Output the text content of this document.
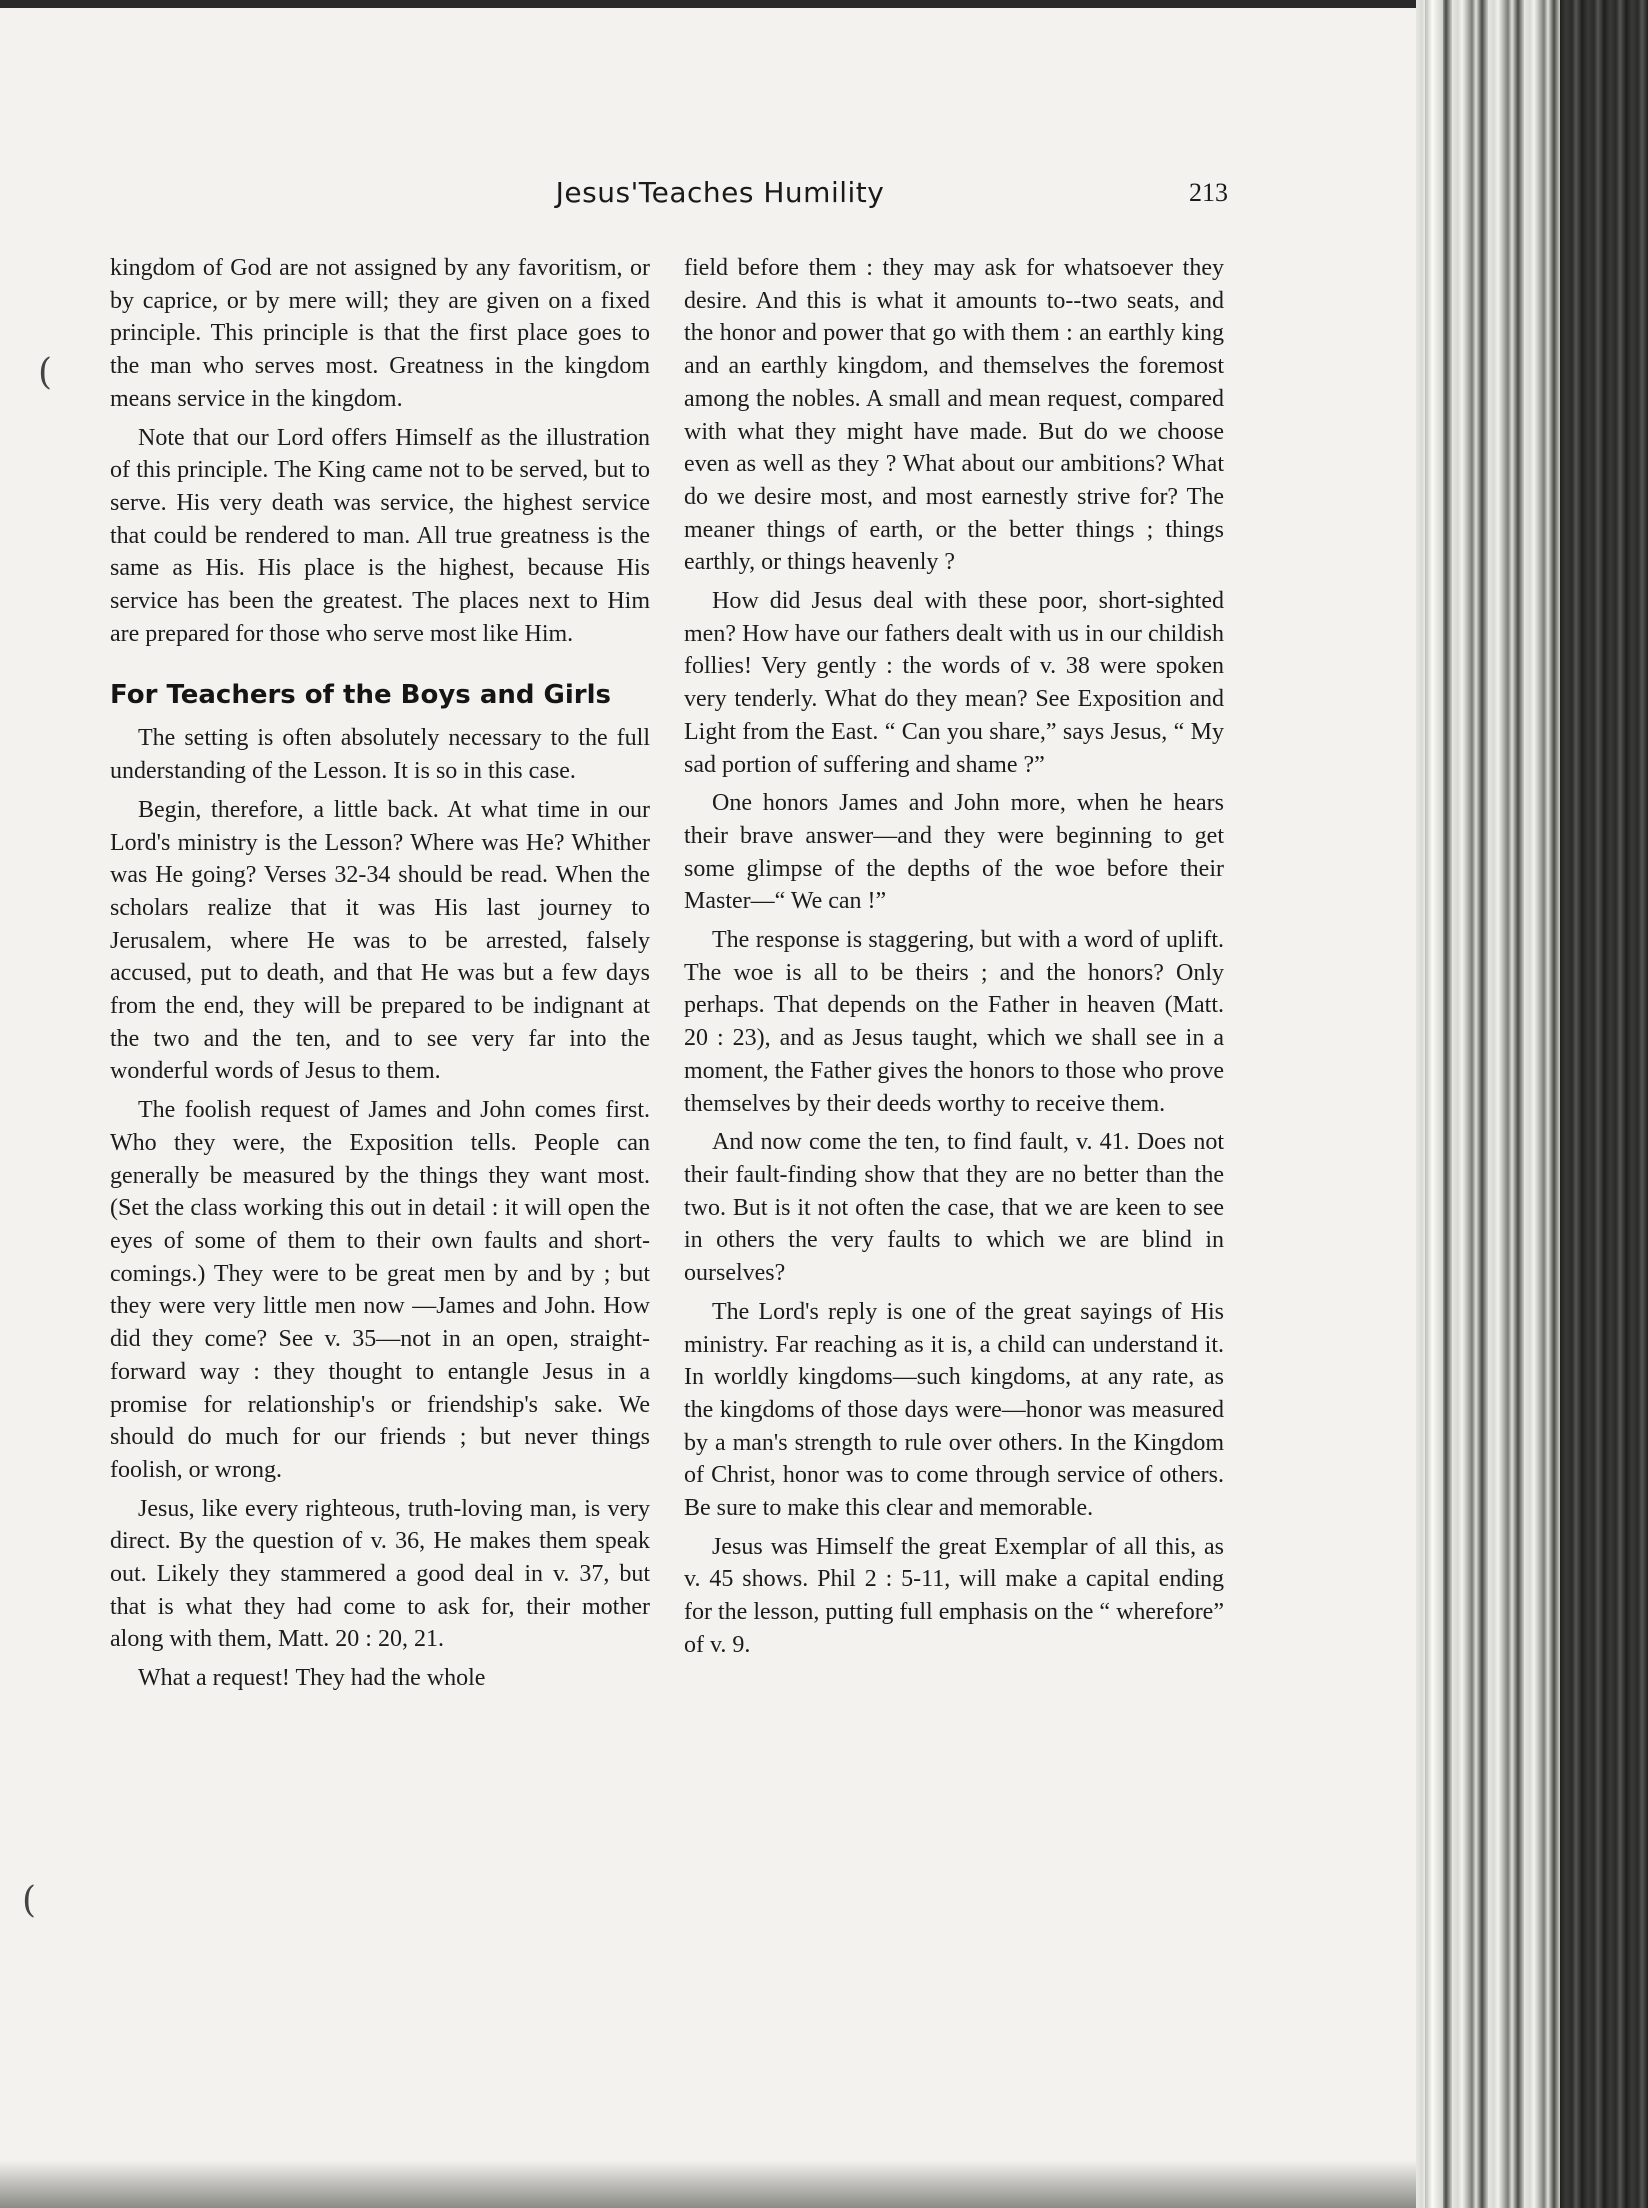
(
(
Jesus'Teaches Humility	213

kingdom of God are not assigned by any favoritism, or by caprice, or by mere will; they are given on a fixed principle. This principle is that the first place goes to the man who serves most. Greatness in the kingdom means service in the kingdom.

Note that our Lord offers Himself as the illustration of this principle. The King came not to be served, but to serve. His very death was service, the highest service that could be rendered to man. All true greatness is the same as His. His place is the highest, because His service has been the greatest. The places next to Him are prepared for those who serve most like Him.

For Teachers of the Boys and Girls

The setting is often absolutely necessary to the full understanding of the Lesson. It is so in this case.

Begin, therefore, a little back. At what time in our Lord's ministry is the Lesson? Where was He? Whither was He going? Verses 32-34 should be read. When the scholars realize that it was His last journey to Jerusalem, where He was to be arrested, falsely accused, put to death, and that He was but a few days from the end, they will be prepared to be indignant at the two and the ten, and to see very far into the wonderful words of Jesus to them.

The foolish request of James and John comes first. Who they were, the Exposition tells. People can generally be measured by the things they want most. (Set the class working this out in detail : it will open the eyes of some of them to their own faults and short-comings.) They were to be great men by and by ; but they were very little men now —James and John. How did they come? See v. 35—not in an open, straight-forward way : they thought to entangle Jesus in a promise for relationship's or friendship's sake. We should do much for our friends ; but never things foolish, or wrong.

Jesus, like every righteous, truth-loving man, is very direct. By the question of v. 36, He makes them speak out. Likely they stammered a good deal in v. 37, but that is what they had come to ask for, their mother along with them, Matt. 20 : 20, 21.

What a request! They had the whole

field before them : they may ask for whatsoever they desire. And this is what it amounts to--two seats, and the honor and power that go with them : an earthly king and an earthly kingdom, and themselves the foremost among the nobles. A small and mean request, compared with what they might have made. But do we choose even as well as they ? What about our ambitions? What do we desire most, and most earnestly strive for? The meaner things of earth, or the better things ; things earthly, or things heavenly ?

How did Jesus deal with these poor, short-sighted men? How have our fathers dealt with us in our childish follies! Very gently : the words of v. 38 were spoken very tenderly. What do they mean? See Exposition and Light from the East. “ Can you share,” says Jesus, “ My sad portion of suffering and shame ?”

One honors James and John more, when he hears their brave answer—and they were beginning to get some glimpse of the depths of the woe before their Master—“ We can !”

The response is staggering, but with a word of uplift. The woe is all to be theirs ; and the honors? Only perhaps. That depends on the Father in heaven (Matt. 20 : 23), and as Jesus taught, which we shall see in a moment, the Father gives the honors to those who prove themselves by their deeds worthy to receive them.

And now come the ten, to find fault, v. 41. Does not their fault-finding show that they are no better than the two. But is it not often the case, that we are keen to see in others the very faults to which we are blind in ourselves?

The Lord's reply is one of the great sayings of His ministry. Far reaching as it is, a child can understand it. In worldly kingdoms—such kingdoms, at any rate, as the kingdoms of those days were—honor was measured by a man's strength to rule over others. In the Kingdom of Christ, honor was to come through service of others. Be sure to make this clear and memorable.

Jesus was Himself the great Exemplar of all this, as v. 45 shows. Phil 2 : 5-11, will make a capital ending for the lesson, putting full emphasis on the “ wherefore” of v. 9.
